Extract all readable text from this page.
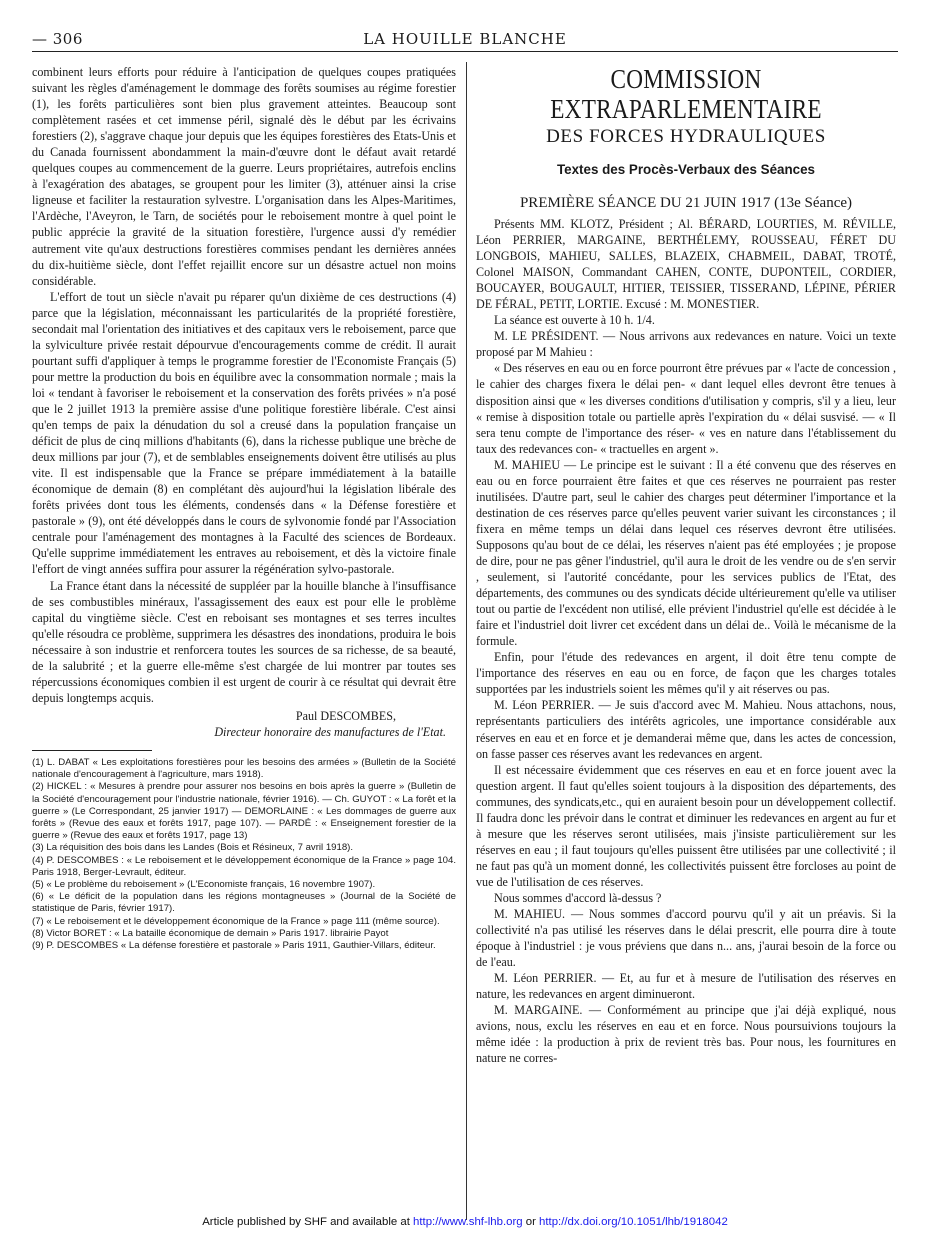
— 306	LA HOUILLE BLANCHE

combinent leurs efforts pour réduire à l'anticipation de quelques coupes pratiquées suivant les règles d'aménagement le dommage des forêts soumises au régime forestier (1), les forêts particulières sont bien plus gravement atteintes. Beaucoup sont complètement rasées et cet immense péril, signalé dès le début par les écrivains forestiers (2), s'aggrave chaque jour depuis que les équipes forestières des Etats-Unis et du Canada fournissent abondamment la main-d'œuvre dont le défaut avait retardé quelques coupes au commencement de la guerre. Leurs propriétaires, autrefois enclins à l'exagération des abatages, se groupent pour les limiter (3), atténuer ainsi la crise ligneuse et faciliter la restauration sylvestre. L'organisation dans les Alpes-Maritimes, l'Ardèche, l'Aveyron, le Tarn, de sociétés pour le reboisement montre à quel point le public apprécie la gravité de la situation forestière, l'urgence aussi d'y remédier autrement vite qu'aux destructions forestières commises pendant les dernières années du dix-huitième siècle, dont l'effet rejaillit encore sur un désastre actuel non moins considérable.

L'effort de tout un siècle n'avait pu réparer qu'un dixième de ces destructions (4) parce que la législation, méconnaissant les particularités de la propriété forestière, secondait mal l'orientation des initiatives et des capitaux vers le reboisement, parce que la sylviculture privée restait dépourvue d'encouragements comme de crédit. Il aurait pourtant suffi d'appliquer à temps le programme forestier de l'Economiste Français (5) pour mettre la production du bois en équilibre avec la consommation normale ; mais la loi « tendant à favoriser le reboisement et la conservation des forêts privées » n'a posé que le 2 juillet 1913 la première assise d'une politique forestière libérale. C'est ainsi qu'en temps de paix la dénudation du sol a creusé dans la population française un déficit de plus de cinq millions d'habitants (6), dans la richesse publique une brèche de deux millions par jour (7), et de semblables enseignements doivent être utilisés au plus vite. Il est indispensable que la France se prépare immédiatement à la bataille économique de demain (8) en complétant dès aujourd'hui la législation libérale des forêts privées dont tous les éléments, condensés dans « la Défense forestière et pastorale » (9), ont été développés dans le cours de sylvonomie fondé par l'Association centrale pour l'aménagement des montagnes à la Faculté des sciences de Bordeaux. Qu'elle supprime immédiatement les entraves au reboisement, et dès la victoire finale l'effort de vingt années suffira pour assurer la régénération sylvo-pastorale.

La France étant dans la nécessité de suppléer par la houille blanche à l'insuffisance de ses combustibles minéraux, l'assagissement des eaux est pour elle le problème capital du vingtième siècle. C'est en reboisant ses montagnes et ses terres incultes qu'elle résoudra ce problème, supprimera les désastres des inondations, produira le bois nécessaire à son industrie et renforcera toutes les sources de sa richesse, de sa beauté, de la salubrité ; et la guerre elle-même s'est chargée de lui montrer par toutes ses répercussions économiques combien il est urgent de courir à ce résultat qui devrait être depuis longtemps acquis.

Paul DESCOMBES,

Directeur honoraire des manufactures de l'Etat.

(1) L. DABAT « Les exploitations forestières pour les besoins des armées » (Bulletin de la Société nationale d'encouragement à l'agriculture, mars 1918).

(2) HICKEL : « Mesures à prendre pour assurer nos besoins en bois après la guerre » (Bulletin de la Société d'encouragement pour l'industrie nationale, février 1916). — Ch. GUYOT : « La forêt et la guerre » (Le Correspondant, 25 janvier 1917) — DEMORLAINE : « Les dommages de guerre aux forêts » (Revue des eaux et forêts 1917, page 107). — PARDÉ : « Enseignement forestier de la guerre » (Revue des eaux et forêts 1917, page 13)

(3) La réquisition des bois dans les Landes (Bois et Résineux, 7 avril 1918).

(4) P. DESCOMBES : « Le reboisement et le développement économique de la France » page 104. Paris 1918, Berger-Levrault, éditeur.

(5) « Le problème du reboisement » (L'Economiste français, 16 novembre 1907).

(6) « Le déficit de la population dans les régions montagneuses » (Journal de la Société de statistique de Paris, février 1917).

(7) « Le reboisement et le développement économique de la France » page 111 (même source).

(8) Victor BORET : « La bataille économique de demain » Paris 1917. librairie Payot

(9) P. DESCOMBES « La défense forestière et pastorale » Paris 1911, Gauthier-Villars, éditeur.

COMMISSION EXTRAPARLEMENTAIRE
DES FORCES HYDRAULIQUES
Textes des Procès-Verbaux des Séances
PREMIÈRE SÉANCE DU 21 JUIN 1917 (13e Séance)

Présents MM. KLOTZ, Président ; Al. BÉRARD, LOURTIES, M. RÉVILLE, Léon PERRIER, MARGAINE, BERTHÉLEMY, ROUSSEAU, FÉRET DU LONGBOIS, MAHIEU, SALLES, BLAZEIX, CHABMEIL, DABAT, TROTÉ, Colonel MAISON, Commandant CAHEN, CONTE, DUPONTEIL, CORDIER, BOUCAYER, BOUGAULT, HITIER, TEISSIER, TISSERAND, LÉPINE, PÉRIER DE FÉRAL, PETIT, LORTIE. Excusé : M. MONESTIER.

La séance est ouverte à 10 h. 1/4.

M. LE PRÉSIDENT. — Nous arrivons aux redevances en nature. Voici un texte proposé par M Mahieu :

« Des réserves en eau ou en force pourront être prévues par « l'acte de concession , le cahier des charges fixera le délai pen- « dant lequel elles devront être tenues à disposition ainsi que « les diverses conditions d'utilisation y compris, s'il y a lieu, leur « remise à disposition totale ou partielle après l'expiration du « délai susvisé. — « Il sera tenu compte de l'importance des réser- « ves en nature dans l'établissement du taux des redevances con- « tractuelles en argent ».

M. MAHIEU — Le principe est le suivant : Il a été convenu que des réserves en eau ou en force pourraient être faites et que ces réserves ne pourraient pas rester inutilisées. D'autre part, seul le cahier des charges peut déterminer l'importance et la destination de ces réserves parce qu'elles peuvent varier suivant les circonstances ; il fixera en même temps un délai dans lequel ces réserves devront être utilisées. Supposons qu'au bout de ce délai, les réserves n'aient pas été employées ; je propose de dire, pour ne pas gêner l'industriel, qu'il aura le droit de les vendre ou de s'en servir , seulement, si l'autorité concédante, pour les services publics de l'Etat, des départements, des communes ou des syndicats décide ultérieurement qu'elle va utiliser tout ou partie de l'excédent non utilisé, elle prévient l'industriel qu'elle est décidée à le faire et l'industriel doit livrer cet excédent dans un délai de.. Voilà le mécanisme de la formule.

Enfin, pour l'étude des redevances en argent, il doit être tenu compte de l'importance des réserves en eau ou en force, de façon que les charges totales supportées par les industriels soient les mêmes qu'il y ait réserves ou pas.

M. Léon PERRIER. — Je suis d'accord avec M. Mahieu. Nous attachons, nous, représentants particuliers des intérêts agricoles, une importance considérable aux réserves en eau et en force et je demanderai même que, dans les actes de concession, on fasse passer ces réserves avant les redevances en argent.

Il est nécessaire évidemment que ces réserves en eau et en force jouent avec la question argent. Il faut qu'elles soient toujours à la disposition des départements, des communes, des syndicats,etc., qui en auraient besoin pour un développement collectif. Il faudra donc les prévoir dans le contrat et diminuer les redevances en argent au fur et à mesure que les réserves seront utilisées, mais j'insiste particulièrement sur les réserves en eau ; il faut toujours qu'elles puissent être utilisées par une collectivité ; il ne faut pas qu'à un moment donné, les collectivités puissent être forcloses au point de vue de l'utilisation de ces réserves.

Nous sommes d'accord là-dessus ?

M. MAHIEU. — Nous sommes d'accord pourvu qu'il y ait un préavis. Si la collectivité n'a pas utilisé les réserves dans le délai prescrit, elle pourra dire à toute époque à l'industriel : je vous préviens que dans n... ans, j'aurai besoin de la force ou de l'eau.

M. Léon PERRIER. — Et, au fur et à mesure de l'utilisation des réserves en nature, les redevances en argent diminueront.

M. MARGAINE. — Conformément au principe que j'ai déjà expliqué, nous avions, nous, exclu les réserves en eau et en force. Nous poursuivions toujours la même idée : la production à prix de revient très bas. Pour nous, les fournitures en nature ne corres-

Article published by SHF and available at http://www.shf-lhb.org or http://dx.doi.org/10.1051/lhb/1918042
